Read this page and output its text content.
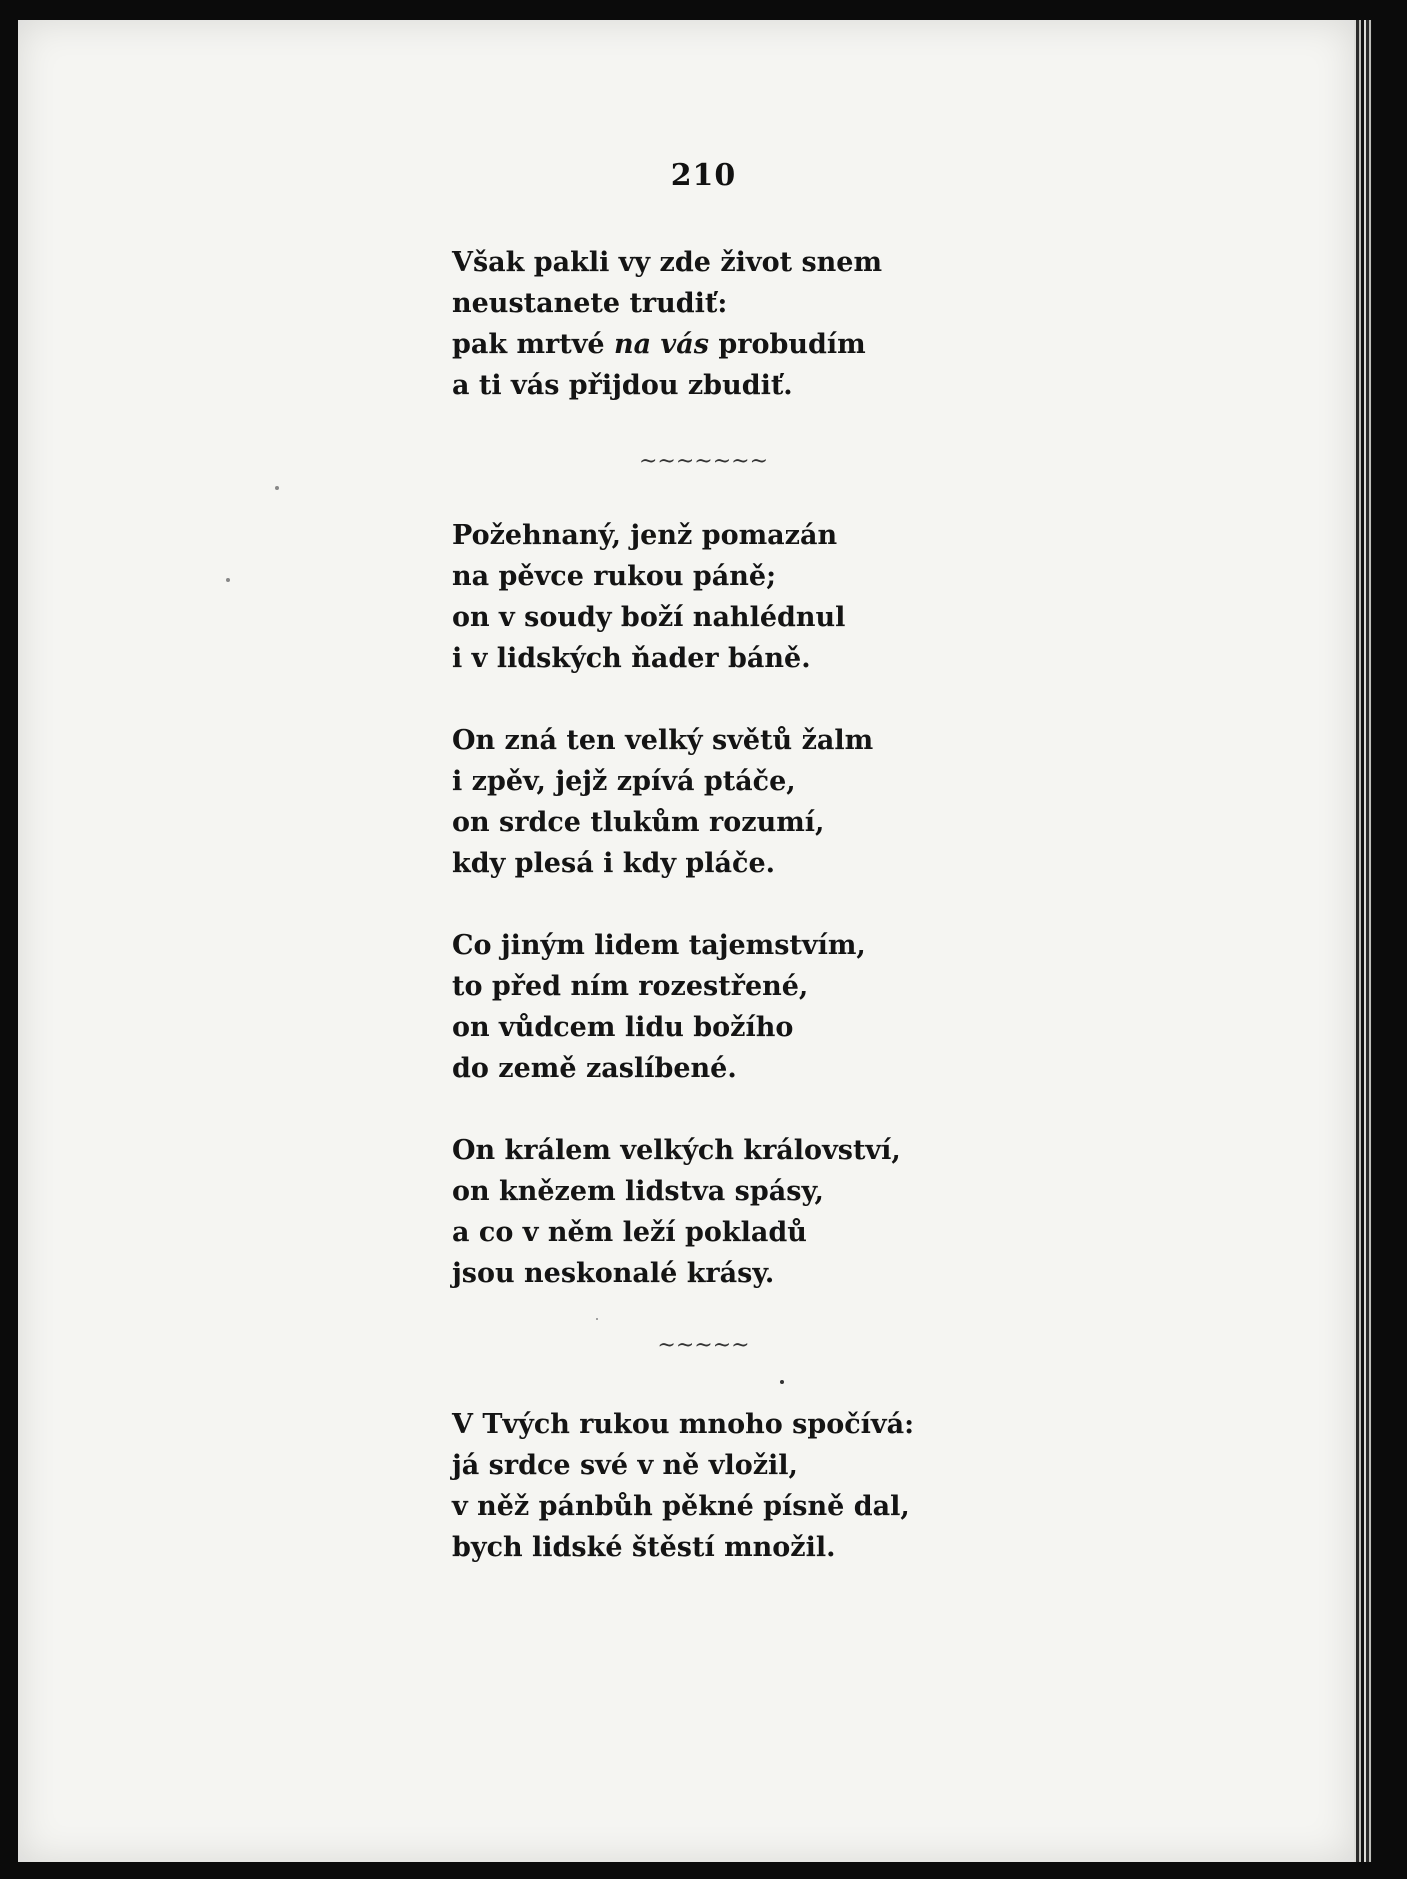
210
~~~~~~~
~~~~~
Však pakli vy zde život snem
neustanete trudiť:
pak mrtvé na vás probudím
a ti vás přijdou zbudiť.
Požehnaný, jenž pomazán
na pěvce rukou páně;
on v soudy boží nahlédnul
i v lidských ňader báně.
On zná ten velký světů žalm
i zpěv, jejž zpívá ptáče,
on srdce tlukům rozumí,
kdy plesá i kdy pláče.
Co jiným lidem tajemstvím,
to před ním rozestřené,
on vůdcem lidu božího
do země zaslíbené.
On králem velkých království,
on knězem lidstva spásy,
a co v něm leží pokladů
jsou neskonalé krásy.
V Tvých rukou mnoho spočívá:
já srdce své v ně vložil,
v něž pánbůh pěkné písně dal,
bych lidské štěstí množil.
